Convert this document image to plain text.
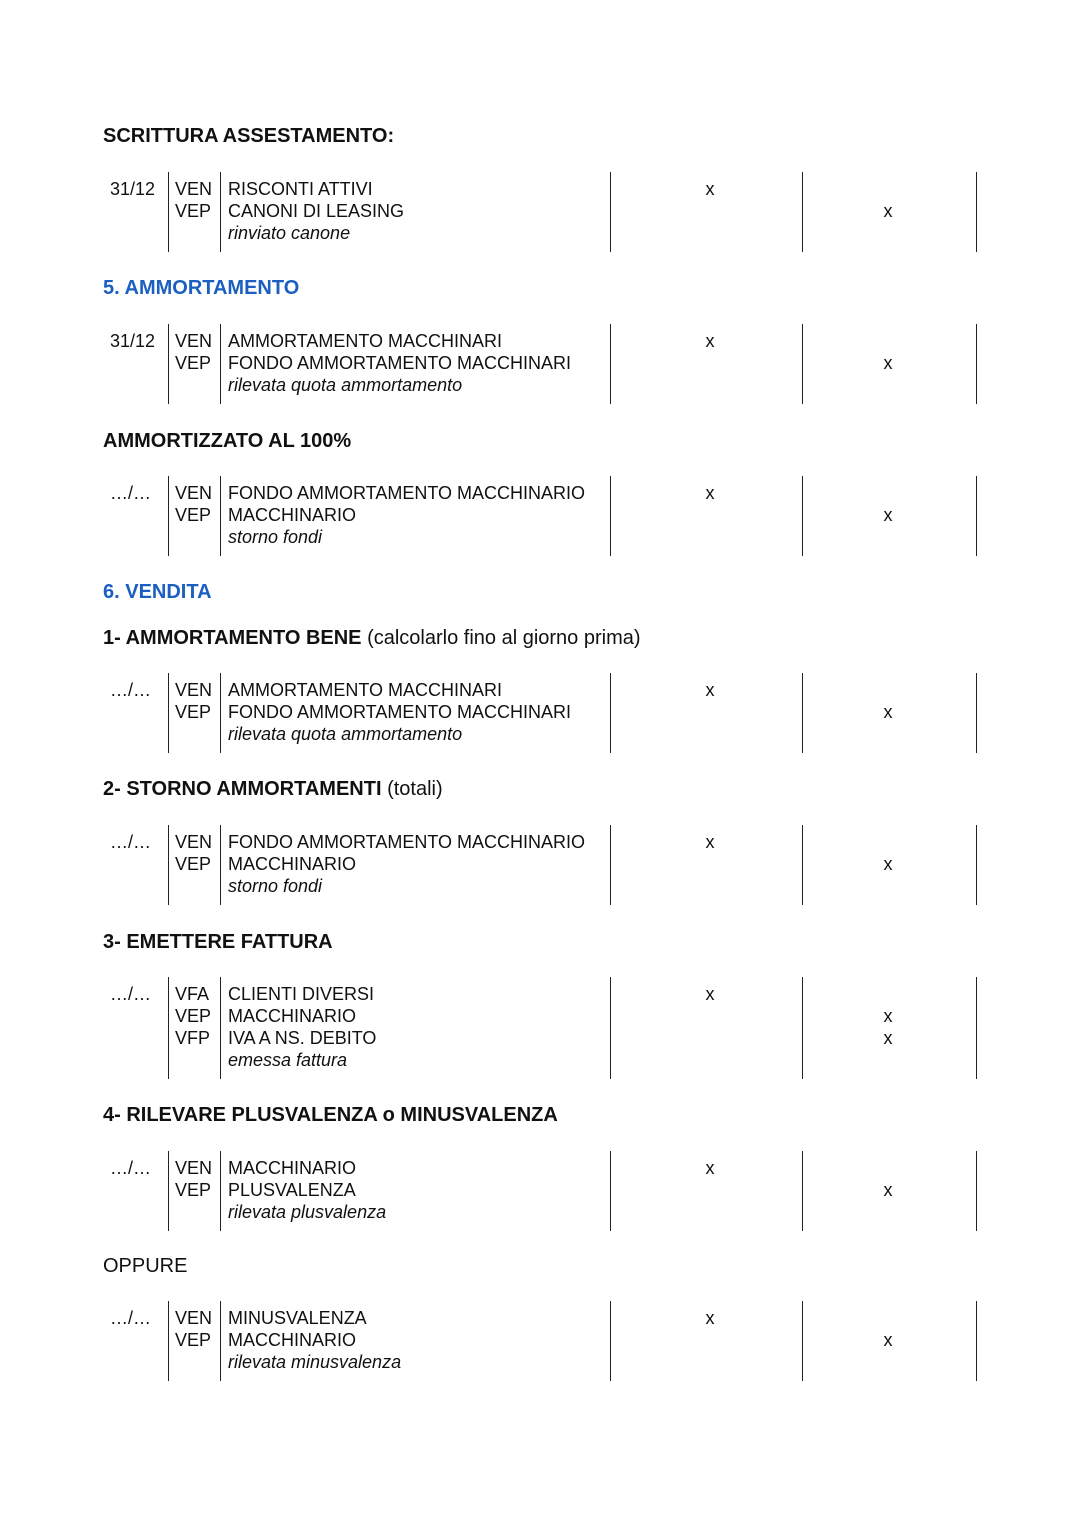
SCRITTURA ASSESTAMENTO:
31/12 VEN
VEP
RISCONTI ATTIVI
CANONI DI LEASING
rinviato canone
x
x
5. AMMORTAMENTO
31/12 VEN
VEP
AMMORTAMENTO MACCHINARI
FONDO AMMORTAMENTO MACCHINARI
rilevata quota ammortamento
x
x
AMMORTIZZATO AL 100%
…/… VEN
VEP
FONDO AMMORTAMENTO MACCHINARIO
MACCHINARIO
storno fondi
x
x
6. VENDITA
1- AMMORTAMENTO BENE (calcolarlo fino al giorno prima)
…/… VEN
VEP
AMMORTAMENTO MACCHINARI
FONDO AMMORTAMENTO MACCHINARI
rilevata quota ammortamento
x
x
2- STORNO AMMORTAMENTI (totali)
…/… VEN
VEP
FONDO AMMORTAMENTO MACCHINARIO
MACCHINARIO
storno fondi
x
x
3- EMETTERE FATTURA
…/… VFA
VEP
VFP
CLIENTI DIVERSI
MACCHINARIO
IVA A NS. DEBITO
emessa fattura
x
x
x
4- RILEVARE PLUSVALENZA o MINUSVALENZA
…/… VEN
VEP
MACCHINARIO
PLUSVALENZA
rilevata plusvalenza
x
x
OPPURE
…/… VEN
VEP
MINUSVALENZA
MACCHINARIO
rilevata minusvalenza
x
x
